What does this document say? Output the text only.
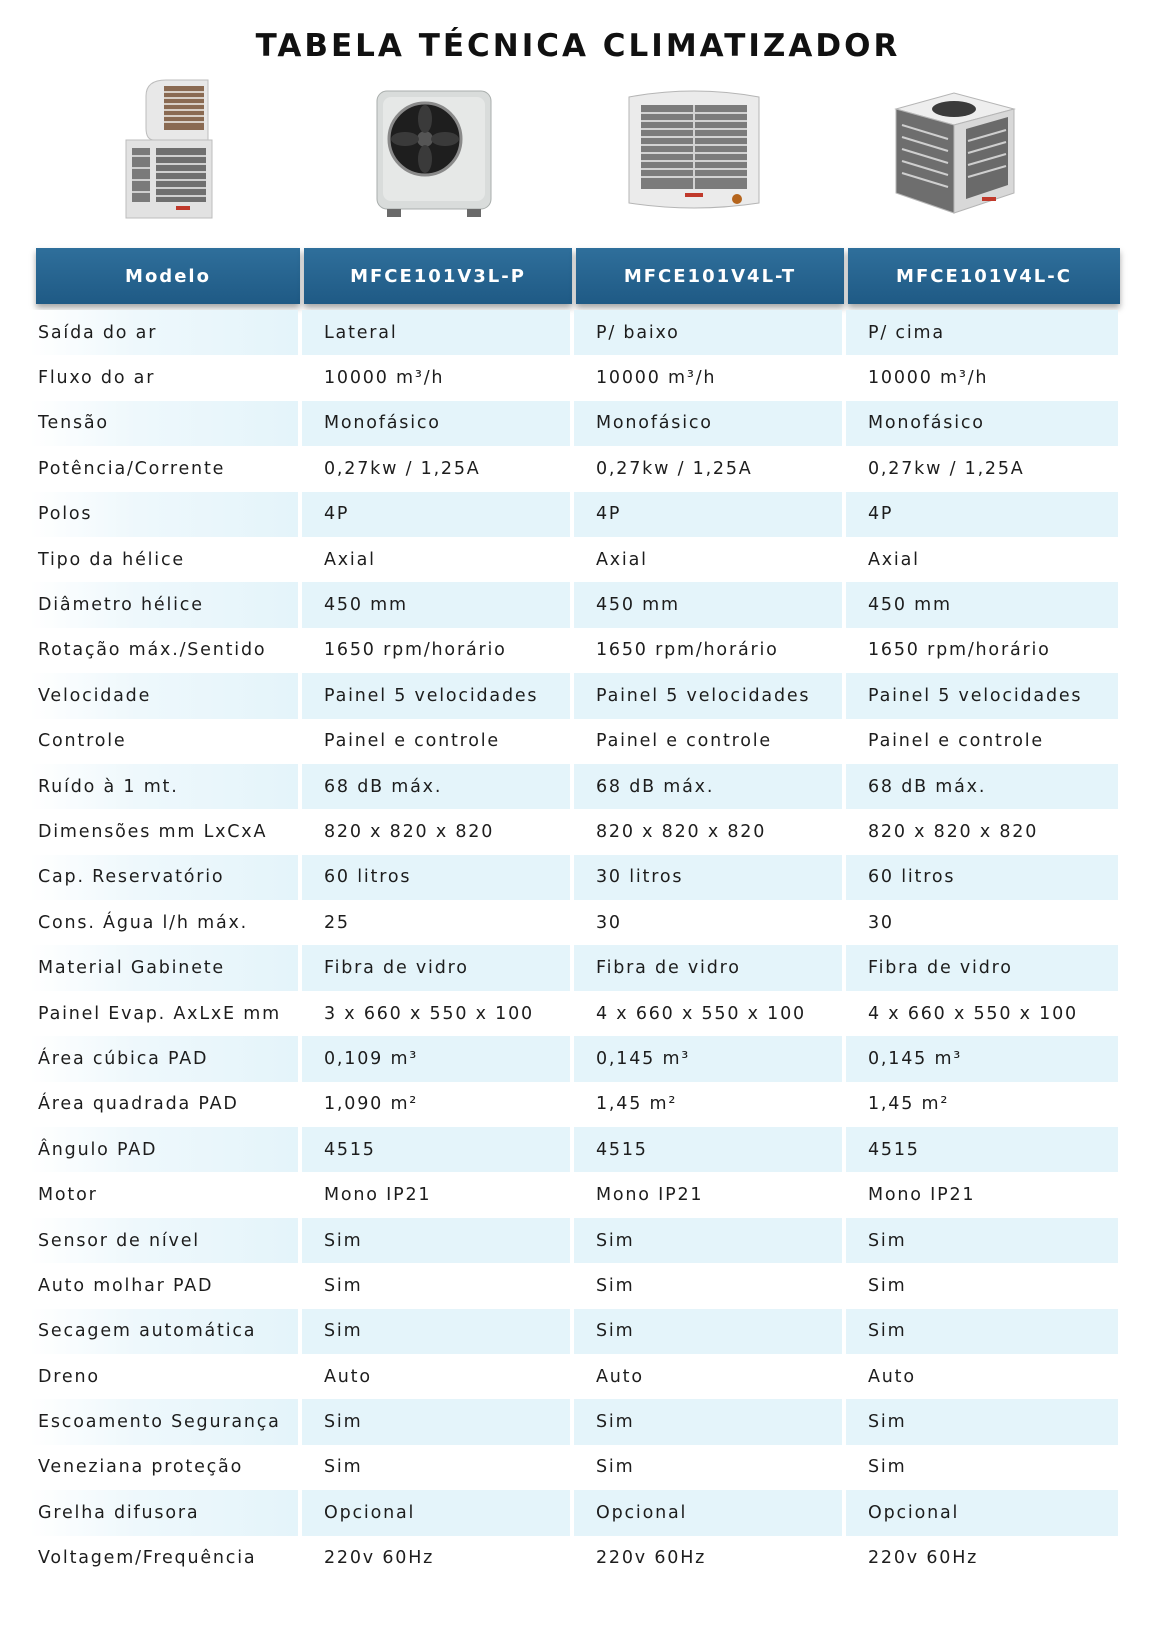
TABELA TÉCNICA CLIMATIZADOR
Modelo	MFCE101V3L-P	MFCE101V4L-T	MFCE101V4L-C
Saída do ar	Lateral	P/ baixo	P/ cima
Fluxo do ar	10000 m³/h	10000 m³/h	10000 m³/h
Tensão	Monofásico	Monofásico	Monofásico
Potência/Corrente	0,27kw / 1,25A	0,27kw / 1,25A	0,27kw / 1,25A
Polos	4P	4P	4P
Tipo da hélice	Axial	Axial	Axial
Diâmetro hélice	450 mm	450 mm	450 mm
Rotação máx./Sentido	1650 rpm/horário	1650 rpm/horário	1650 rpm/horário
Velocidade	Painel 5 velocidades	Painel 5 velocidades	Painel 5 velocidades
Controle	Painel e controle	Painel e controle	Painel e controle
Ruído à 1 mt.	68 dB máx.	68 dB máx.	68 dB máx.
Dimensões mm LxCxA	820 x 820 x 820	820 x 820 x 820	820 x 820 x 820
Cap. Reservatório	60 litros	30 litros	60 litros
Cons. Água l/h máx.	25	30	30
Material Gabinete	Fibra de vidro	Fibra de vidro	Fibra de vidro
Painel Evap. AxLxE mm	3 x 660 x 550 x 100	4 x 660 x 550 x 100	4 x 660 x 550 x 100
Área cúbica PAD	0,109 m³	0,145 m³	0,145 m³
Área quadrada PAD	1,090 m²	1,45 m²	1,45 m²
Ângulo PAD	4515	4515	4515
Motor	Mono IP21	Mono IP21	Mono IP21
Sensor de nível	Sim	Sim	Sim
Auto molhar PAD	Sim	Sim	Sim
Secagem automática	Sim	Sim	Sim
Dreno	Auto	Auto	Auto
Escoamento Segurança	Sim	Sim	Sim
Veneziana proteção	Sim	Sim	Sim
Grelha difusora	Opcional	Opcional	Opcional
Voltagem/Frequência	220v 60Hz	220v 60Hz	220v 60Hz
